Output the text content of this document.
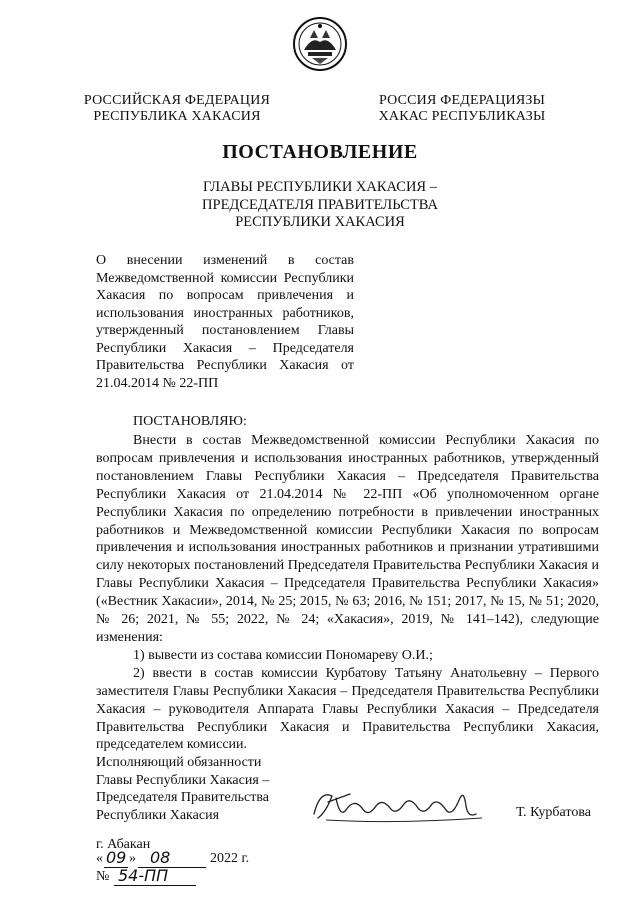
РОССИЙСКАЯ ФЕДЕРАЦИЯ
РЕСПУБЛИКА ХАКАСИЯ
РОССИЯ ФЕДЕРАЦИЯЗЫ
ХАКАС РЕСПУБЛИКАЗЫ
ПОСТАНОВЛЕНИЕ
ГЛАВЫ РЕСПУБЛИКИ ХАКАСИЯ –
ПРЕДСЕДАТЕЛЯ ПРАВИТЕЛЬСТВА
РЕСПУБЛИКИ ХАКАСИЯ
О внесении изменений в состав Межведомственной комиссии Республики Хакасия по вопросам привлечения и использования иностранных работников, утвержденный постановлением Главы Республики Хакасия – Председателя Правительства Республики Хакасия от 21.04.2014 № 22-ПП
ПОСТАНОВЛЯЮ:

Внести в состав Межведомственной комиссии Республики Хакасия по вопросам привлечения и использования иностранных работников, утвержденный постановлением Главы Республики Хакасия – Председателя Правительства Республики Хакасия от 21.04.2014 № 22-ПП «Об уполномоченном органе Республики Хакасия по определению потребности в привлечении иностранных работников и Межведомственной комиссии Республики Хакасия по вопросам привлечения и использования иностранных работников и признании утратившими силу некоторых постановлений Председателя Правительства Республики Хакасия и Главы Республики Хакасия – Председателя Правительства Республики Хакасия» («Вестник Хакасии», 2014, № 25; 2015, № 63; 2016, № 151; 2017, № 15, № 51; 2020, № 26; 2021, № 55; 2022, № 24; «Хакасия», 2019, № 141–142), следующие изменения:

1) вывести из состава комиссии Пономареву О.И.;

2) ввести в состав комиссии Курбатову Татьяну Анатольевну – Первого заместителя Главы Республики Хакасия – Председателя Правительства Республики Хакасия – руководителя Аппарата Главы Республики Хакасия – Председателя Правительства Республики Хакасия и Правительства Республики Хакасия, председателем комиссии.

Исполняющий обязанности
Главы Республики Хакасия –
Председателя Правительства
Республики Хакасия	Т. Курбатова
г. Абакан
« 09 » 08	2022 г.
№ 54-ПП
